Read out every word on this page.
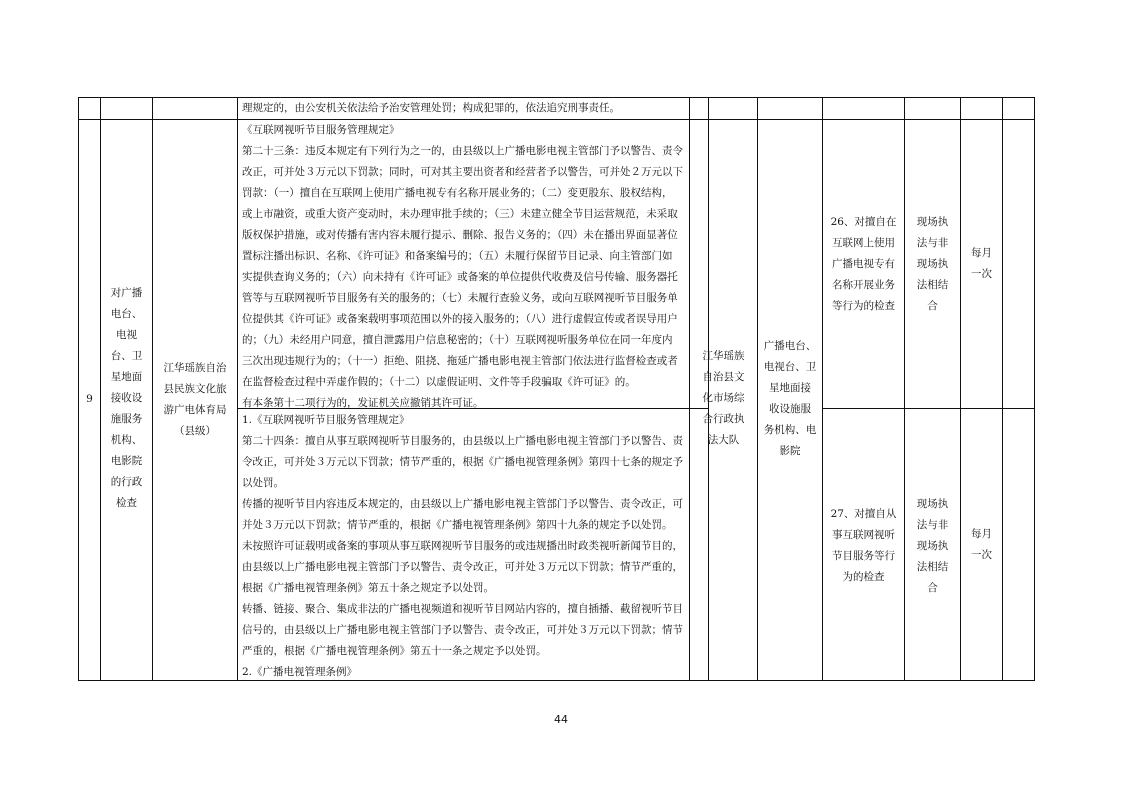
理规定的，由公安机关依法给予治安管理处罚；构成犯罪的，依法追究刑事责任。
9
对广播
电台、
电视
台、卫
星地面
接收设
施服务
机构、
电影院
的行政
检查
江华瑶族自治
县民族文化旅
游广电体育局
（县级）

《互联网视听节目服务管理规定》

第二十三条：违反本规定有下列行为之一的，由县级以上广播电影电视主管部门予以警告、责令

改正，可并处３万元以下罚款；同时，可对其主要出资者和经营者予以警告，可并处２万元以下

罚款：（一）擅自在互联网上使用广播电视专有名称开展业务的；（二）变更股东、股权结构，

或上市融资，或重大资产变动时，未办理审批手续的；（三）未建立健全节目运营规范，未采取

版权保护措施，或对传播有害内容未履行提示、删除、报告义务的；（四）未在播出界面显著位

置标注播出标识、名称、《许可证》和备案编号的；（五）未履行保留节目记录、向主管部门如

实提供查询义务的；（六）向未持有《许可证》或备案的单位提供代收费及信号传输、服务器托

管等与互联网视听节目服务有关的服务的；（七）未履行查验义务，或向互联网视听节目服务单

位提供其《许可证》或备案载明事项范围以外的接入服务的；（八）进行虚假宣传或者误导用户

的；（九）未经用户同意，擅自泄露用户信息秘密的；（十）互联网视听服务单位在同一年度内

三次出现违规行为的；（十一）拒绝、阻挠、拖延广播电影电视主管部门依法进行监督检查或者

在监督检查过程中弄虚作假的；（十二）以虚假证明、文件等手段骗取《许可证》的。

有本条第十二项行为的，发证机关应撤销其许可证。

1.《互联网视听节目服务管理规定》

第二十四条：擅自从事互联网视听节目服务的，由县级以上广播电影电视主管部门予以警告、责

令改正，可并处３万元以下罚款；情节严重的，根据《广播电视管理条例》第四十七条的规定予

以处罚。

传播的视听节目内容违反本规定的，由县级以上广播电影电视主管部门予以警告、责令改正，可

并处３万元以下罚款；情节严重的，根据《广播电视管理条例》第四十九条的规定予以处罚。

未按照许可证载明或备案的事项从事互联网视听节目服务的或违规播出时政类视听新闻节目的，

由县级以上广播电影电视主管部门予以警告、责令改正，可并处３万元以下罚款；情节严重的，

根据《广播电视管理条例》第五十条之规定予以处罚。

转播、链接、聚合、集成非法的广播电视频道和视听节目网站内容的，擅自插播、截留视听节目

信号的，由县级以上广播电影电视主管部门予以警告、责令改正，可并处３万元以下罚款；情节

严重的，根据《广播电视管理条例》第五十一条之规定予以处罚。

2.《广播电视管理条例》

江华瑶族
自治县文
化市场综
合行政执
法大队
广播电台、
电视台、卫
星地面接
收设施服
务机构、电
影院
26、对擅自在
互联网上使用
广播电视专有
名称开展业务
等行为的检查
现场执
法与非
现场执
法相结
合
每月
一次
27、对擅自从
事互联网视听
节目服务等行
为的检查
现场执
法与非
现场执
法相结
合
每月
一次
44
